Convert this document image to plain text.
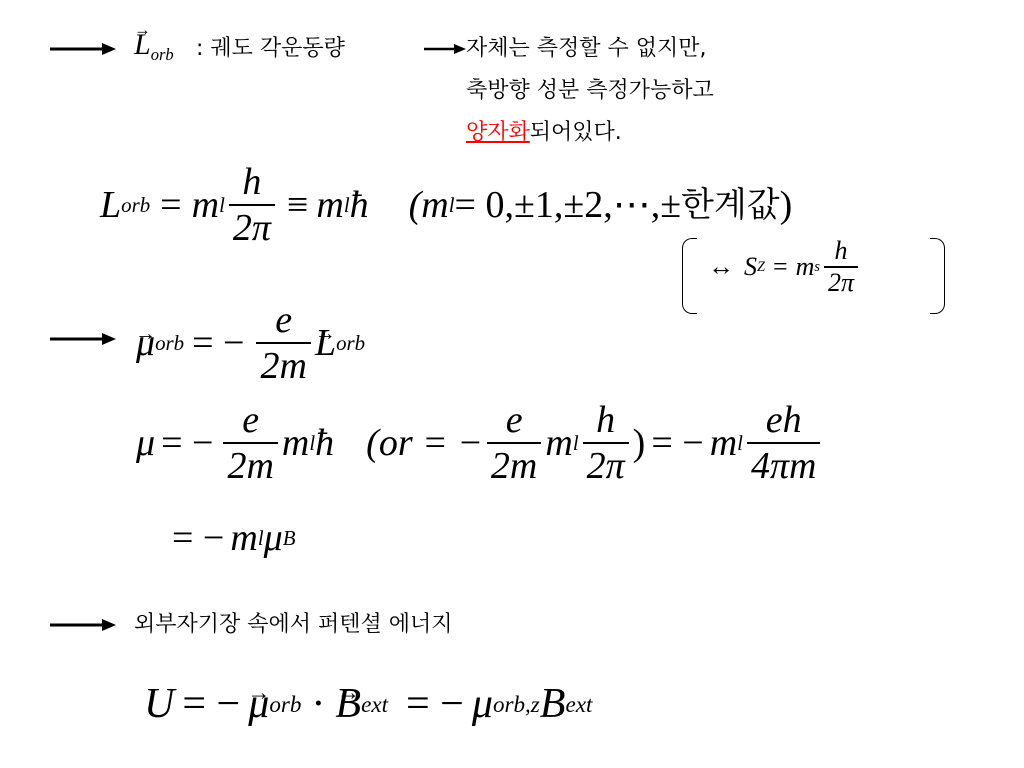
→ $L_{orb}$ : 궤도 각운동량	자체는 측정할 수 없지만,
축방향 성분 측정가능하고
양자화되어있다.
L orb = m l $\frac{h}{2\pi} \equiv m$ l ħ (m l = 0,±1,±2,⋯,± 한계값 )
↔ S Z = m s $\frac{h}{2\pi}$
→ μ orb = − $\frac{e}{2m}$
→ L orb
μ = − $\frac{e}{2m}$ m l ħ (or = − $\frac{e}{2m}$ m l $\frac{h}{2\pi}$ ) = − m l $\frac{eh}{4\pi m}$
= − m l μ B
외부자기장 속에서 퍼텐셜 에너지
U = −
→ μ orb ·
→ B ext = − μ orb,z B ext
